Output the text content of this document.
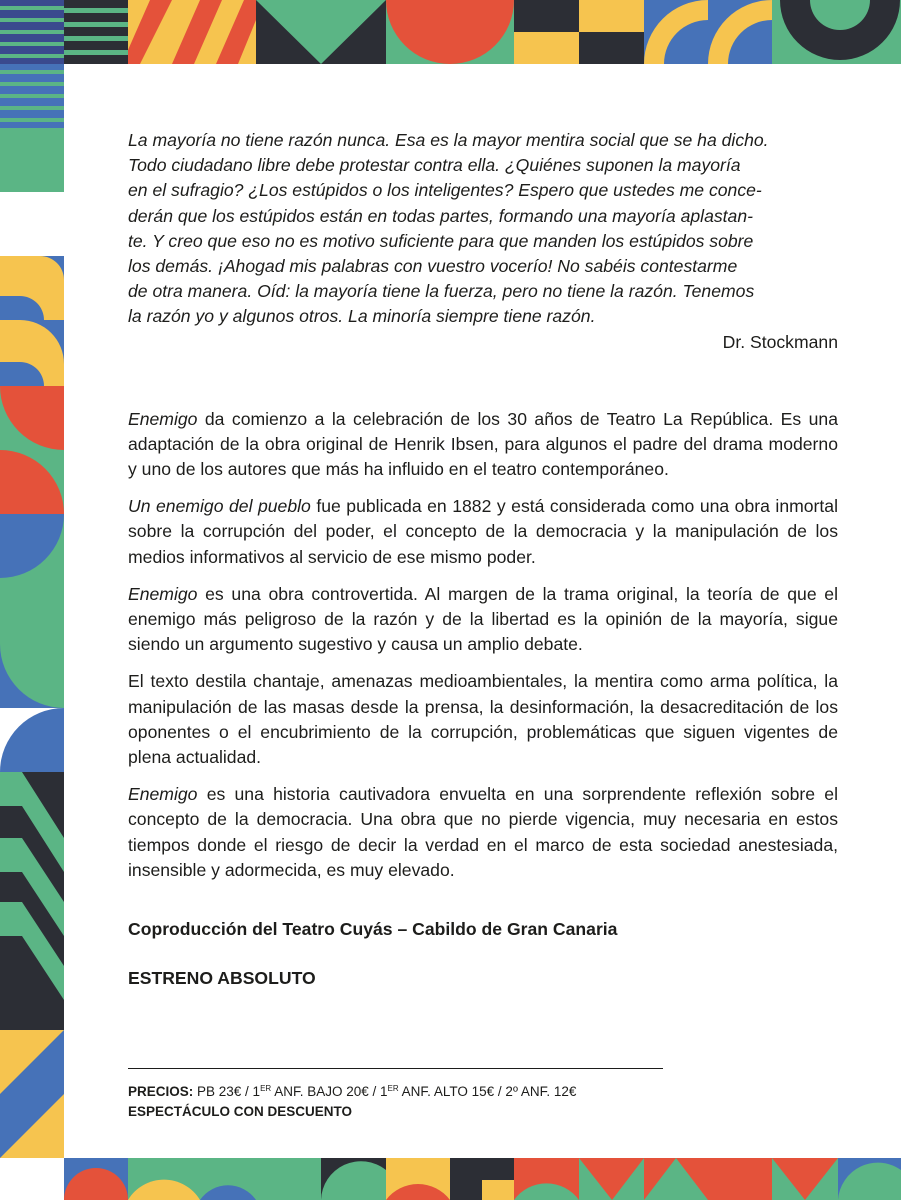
La mayoría no tiene razón nunca. Esa es la mayor mentira social que se ha dicho.

Todo ciudadano libre debe protestar contra ella. ¿Quiénes suponen la mayoría

en el sufragio? ¿Los estúpidos o los inteligentes? Espero que ustedes me conce-

derán que los estúpidos están en todas partes, formando una mayoría aplastan-

te. Y creo que eso no es motivo suficiente para que manden los estúpidos sobre

los demás. ¡Ahogad mis palabras con vuestro vocerío! No sabéis contestarme

de otra manera. Oíd: la mayoría tiene la fuerza, pero no tiene la razón. Tenemos

la razón yo y algunos otros. La minoría siempre tiene razón.

Dr. Stockmann

Enemigo da comienzo a la celebración de los 30 años de Teatro La República. Es una adaptación de la obra original de Henrik Ibsen, para algunos el padre del drama moderno y uno de los autores que más ha influido en el teatro contemporáneo.

Un enemigo del pueblo fue publicada en 1882 y está considerada como una obra inmortal sobre la corrupción del poder, el concepto de la democracia y la manipulación de los medios informativos al servicio de ese mismo poder.

Enemigo es una obra controvertida. Al margen de la trama original, la teoría de que el enemigo más peligroso de la razón y de la libertad es la opinión de la mayoría, sigue siendo un argumento sugestivo y causa un amplio debate.

El texto destila chantaje, amenazas medioambientales, la mentira como arma política, la manipulación de las masas desde la prensa, la desinformación, la desacreditación de los oponentes o el encubrimiento de la corrupción, problemáticas que siguen vigentes de plena actualidad.

Enemigo es una historia cautivadora envuelta en una sorprendente reflexión sobre el concepto de la democracia. Una obra que no pierde vigencia, muy necesaria en estos tiempos donde el riesgo de decir la verdad en el marco de esta sociedad anestesiada, insensible y adormecida, es muy elevado.

Coproducción del Teatro Cuyás – Cabildo de Gran Canaria

ESTRENO ABSOLUTO

PRECIOS: PB 23€ / 1ER ANF. BAJO 20€ / 1ER ANF. ALTO 15€ / 2º ANF. 12€
ESPECTÁCULO CON DESCUENTO
